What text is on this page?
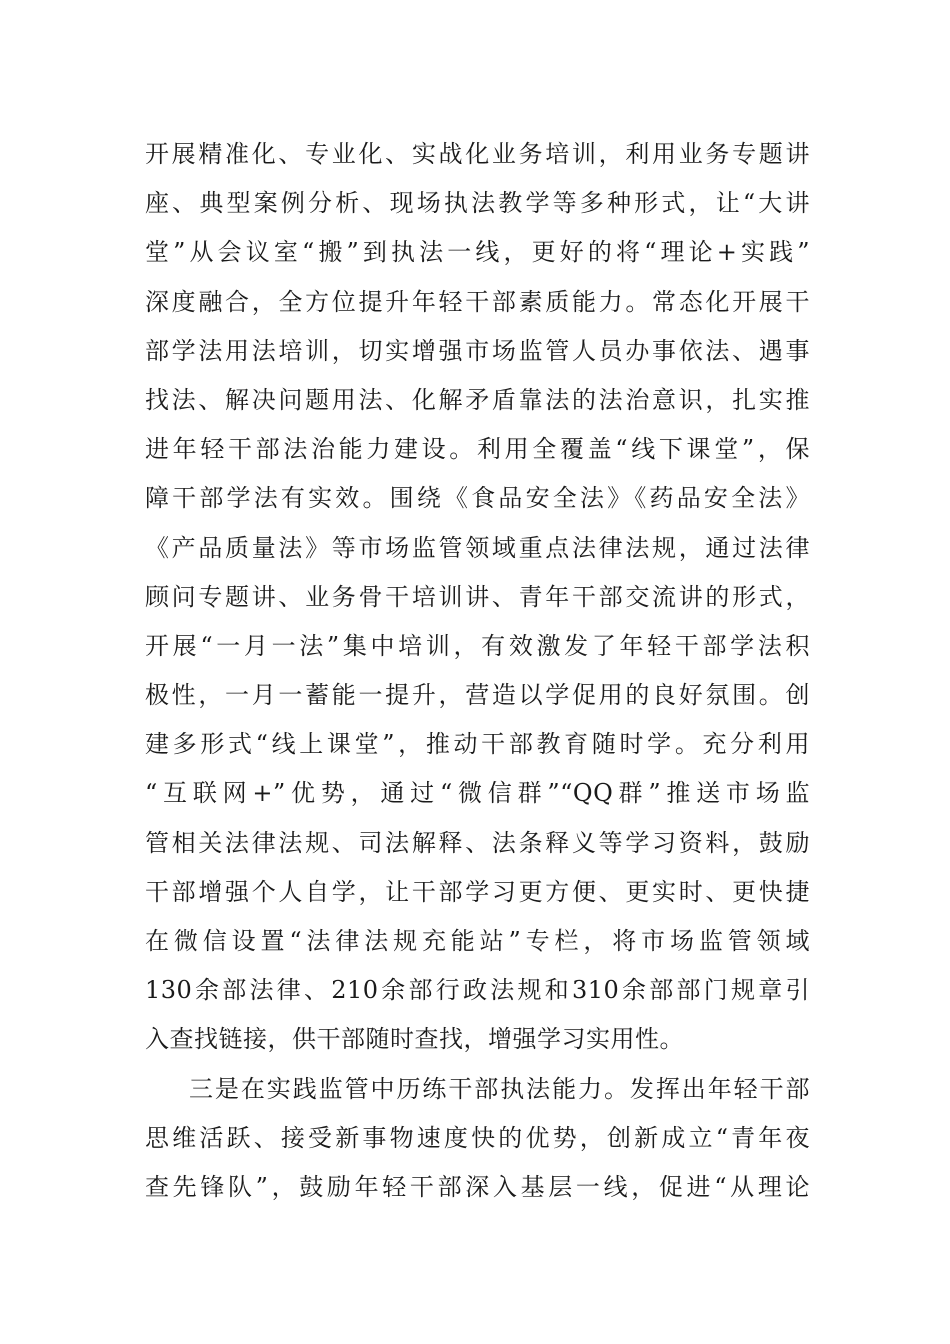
开展精准化、专业化、实战化业务培训，利用业务专题讲
座、典型案例分析、现场执法教学等多种形式，让“大讲
堂”从会议室“搬”到执法一线，更好的将“理论+实践”
深度融合，全方位提升年轻干部素质能力。常态化开展干
部学法用法培训，切实增强市场监管人员办事依法、遇事
找法、解决问题用法、化解矛盾靠法的法治意识，扎实推
进年轻干部法治能力建设。利用全覆盖“线下课堂”，保
障干部学法有实效。围绕《食品安全法》《药品安全法》
《产品质量法》等市场监管领域重点法律法规，通过法律
顾问专题讲、业务骨干培训讲、青年干部交流讲的形式，
开展“一月一法”集中培训，有效激发了年轻干部学法积
极性，一月一蓄能一提升，营造以学促用的良好氛围。创
建多形式“线上课堂”，推动干部教育随时学。充分利用
“互联网+”优势，通过“微信群”“QQ群”推送市场监
管相关法律法规、司法解释、法条释义等学习资料，鼓励
干部增强个人自学，让干部学习更方便、更实时、更快捷
在微信设置“法律法规充能站”专栏，将市场监管领域
130余部法律、210余部行政法规和310余部部门规章引
入查找链接，供干部随时查找，增强学习实用性。
三是在实践监管中历练干部执法能力。发挥出年轻干部
思维活跃、接受新事物速度快的优势，创新成立“青年夜
查先锋队”，鼓励年轻干部深入基层一线，促进“从理论
